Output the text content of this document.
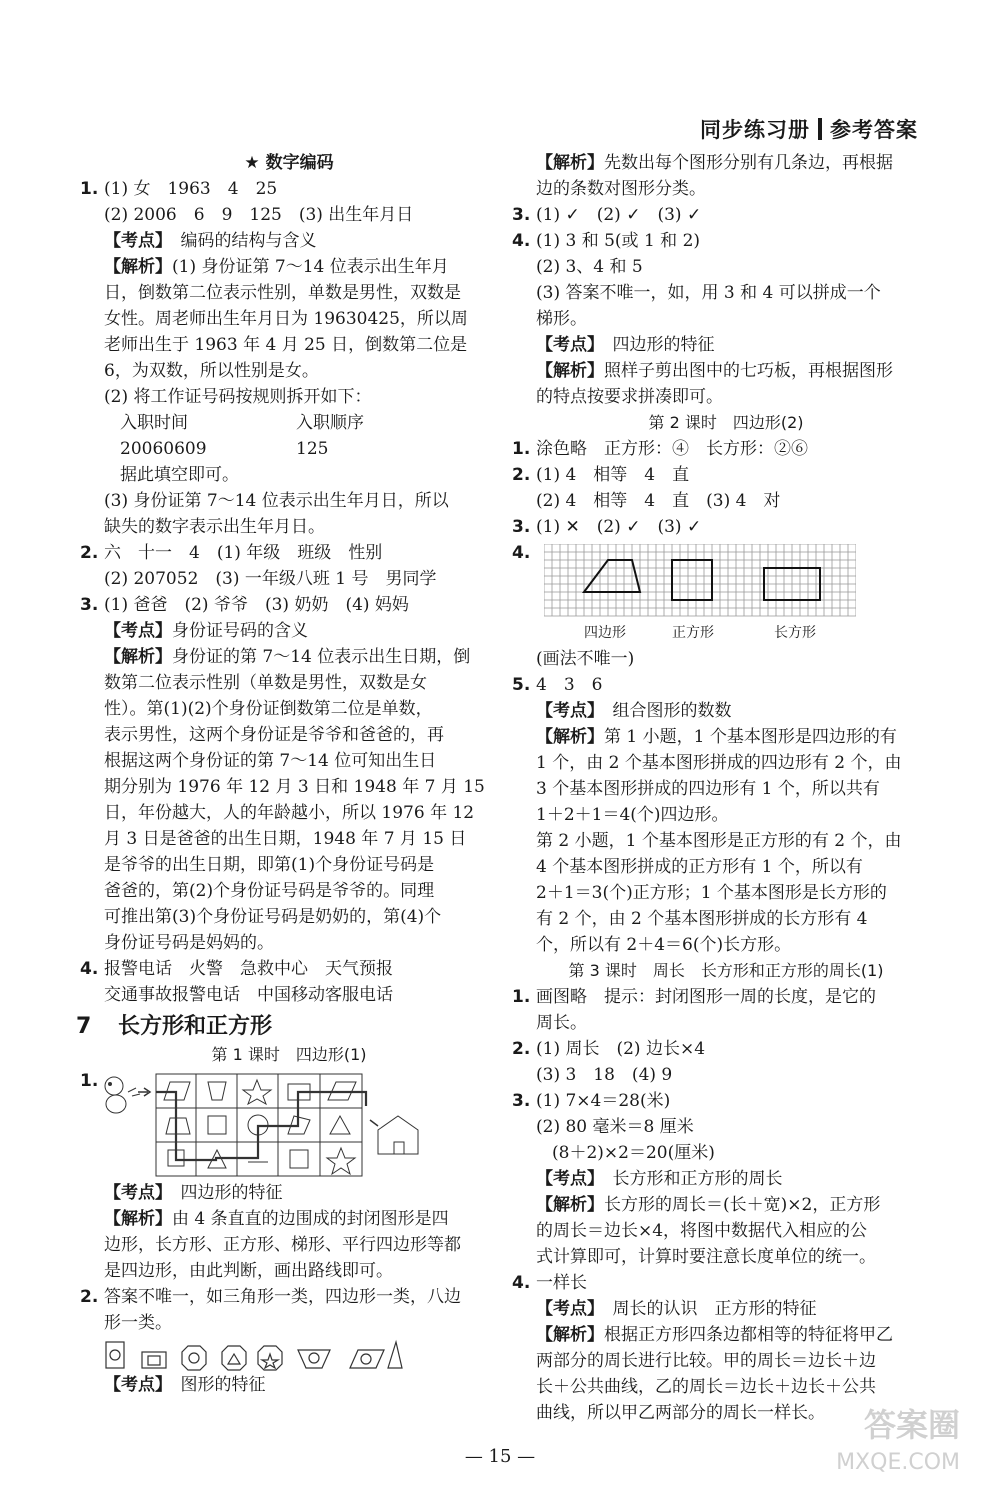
同步练习册 参考答案
★ 数字编码
1. (1) 女　1963　4　25
(2) 2006　6　9　125　(3) 出生年月日
【考点】　 编码的结构与含义
【解析】(1) 身份证第 7～14 位表示出生年月
日，倒数第二位表示性别，单数是男性，双数是
女性。周老师出生年月日为 19630425，所以周
老师出生于 1963 年 4 月 25 日，倒数第二位是
6，为双数，所以性别是女。
(2) 将工作证号码按规则拆开如下：
入职时间	入职顺序
20060609	125
据此填空即可。
(3) 身份证第 7～14 位表示出生年月日，所以
缺失的数字表示出生年月日。
2. 六　十一　4　(1) 年级　班级　性别
(2) 207052　(3) 一年级八班 1 号　男同学
3. (1) 爸爸　(2) 爷爷　(3) 奶奶　(4) 妈妈
【考点】身份证号码的含义
【解析】身份证的第 7～14 位表示出生日期，倒
数第二位表示性别（单数是男性，双数是女
性）。第(1)(2)个身份证倒数第二位是单数，
表示男性，这两个身份证是爷爷和爸爸的，再
根据这两个身份证的第 7～14 位可知出生日
期分别为 1976 年 12 月 3 日和 1948 年 7 月 15
日，年份越大，人的年龄越小，所以 1976 年 12
月 3 日是爸爸的出生日期，1948 年 7 月 15 日
是爷爷的出生日期，即第(1)个身份证号码是
爸爸的，第(2)个身份证号码是爷爷的。同理
可推出第(3)个身份证号码是奶奶的，第(4)个
身份证号码是妈妈的。
4. 报警电话　火警　急救中心　天气预报
交通事故报警电话　中国移动客服电话
7 长方形和正方形
第 1 课时　四边形(1)
1.
【考点】　 四边形的特征
【解析】由 4 条直直的边围成的封闭图形是四
边形，长方形、正方形、梯形、平行四边形等都
是四边形，由此判断，画出路线即可。
2. 答案不唯一，如三角形一类，四边形一类，八边
形一类。
【考点】　 图形的特征
【解析】先数出每个图形分别有几条边，再根据
边的条数对图形分类。
3. (1) ✓　(2) ✓　(3) ✓
4. (1) 3 和 5(或 1 和 2)
(2) 3、4 和 5
(3) 答案不唯一，如，用 3 和 4 可以拼成一个
梯形。
【考点】　 四边形的特征
【解析】照样子剪出图中的七巧板，再根据图形
的特点按要求拼凑即可。
第 2 课时　四边形(2)
1. 涂色略　正方形：④　长方形：②⑥
2. (1) 4　相等　4　直
(2) 4　相等　4　直　(3) 4　对
3. (1) ✕　(2) ✓　(3) ✓
4.
四边形	正方形	长方形
(画法不唯一)
5. 4　3　6
【考点】　 组合图形的数数
【解析】第 1 小题，1 个基本图形是四边形的有
1 个，由 2 个基本图形拼成的四边形有 2 个，由
3 个基本图形拼成的四边形有 1 个，所以共有
1＋2＋1＝4(个)四边形。
第 2 小题，1 个基本图形是正方形的有 2 个，由
4 个基本图形拼成的正方形有 1 个，所以有
2＋1＝3(个)正方形；1 个基本图形是长方形的
有 2 个，由 2 个基本图形拼成的长方形有 4
个，所以有 2＋4＝6(个)长方形。
第 3 课时　周长　长方形和正方形的周长(1)
1. 画图略　提示：封闭图形一周的长度，是它的
周长。
2. (1) 周长　(2) 边长×4
(3) 3　18　(4) 9
3. (1) 7×4＝28(米)
(2) 80 毫米＝8 厘米
(8＋2)×2＝20(厘米)
【考点】　 长方形和正方形的周长
【解析】长方形的周长＝(长＋宽)×2，正方形
的周长＝边长×4，将图中数据代入相应的公
式计算即可，计算时要注意长度单位的统一。
4. 一样长
【考点】　 周长的认识　正方形的特征
【解析】根据正方形四条边都相等的特征将甲乙
两部分的周长进行比较。甲的周长＝边长＋边
长＋公共曲线，乙的周长＝边长＋边长＋公共
曲线，所以甲乙两部分的周长一样长。
— 15 —
答案圈
MXQE.COM
